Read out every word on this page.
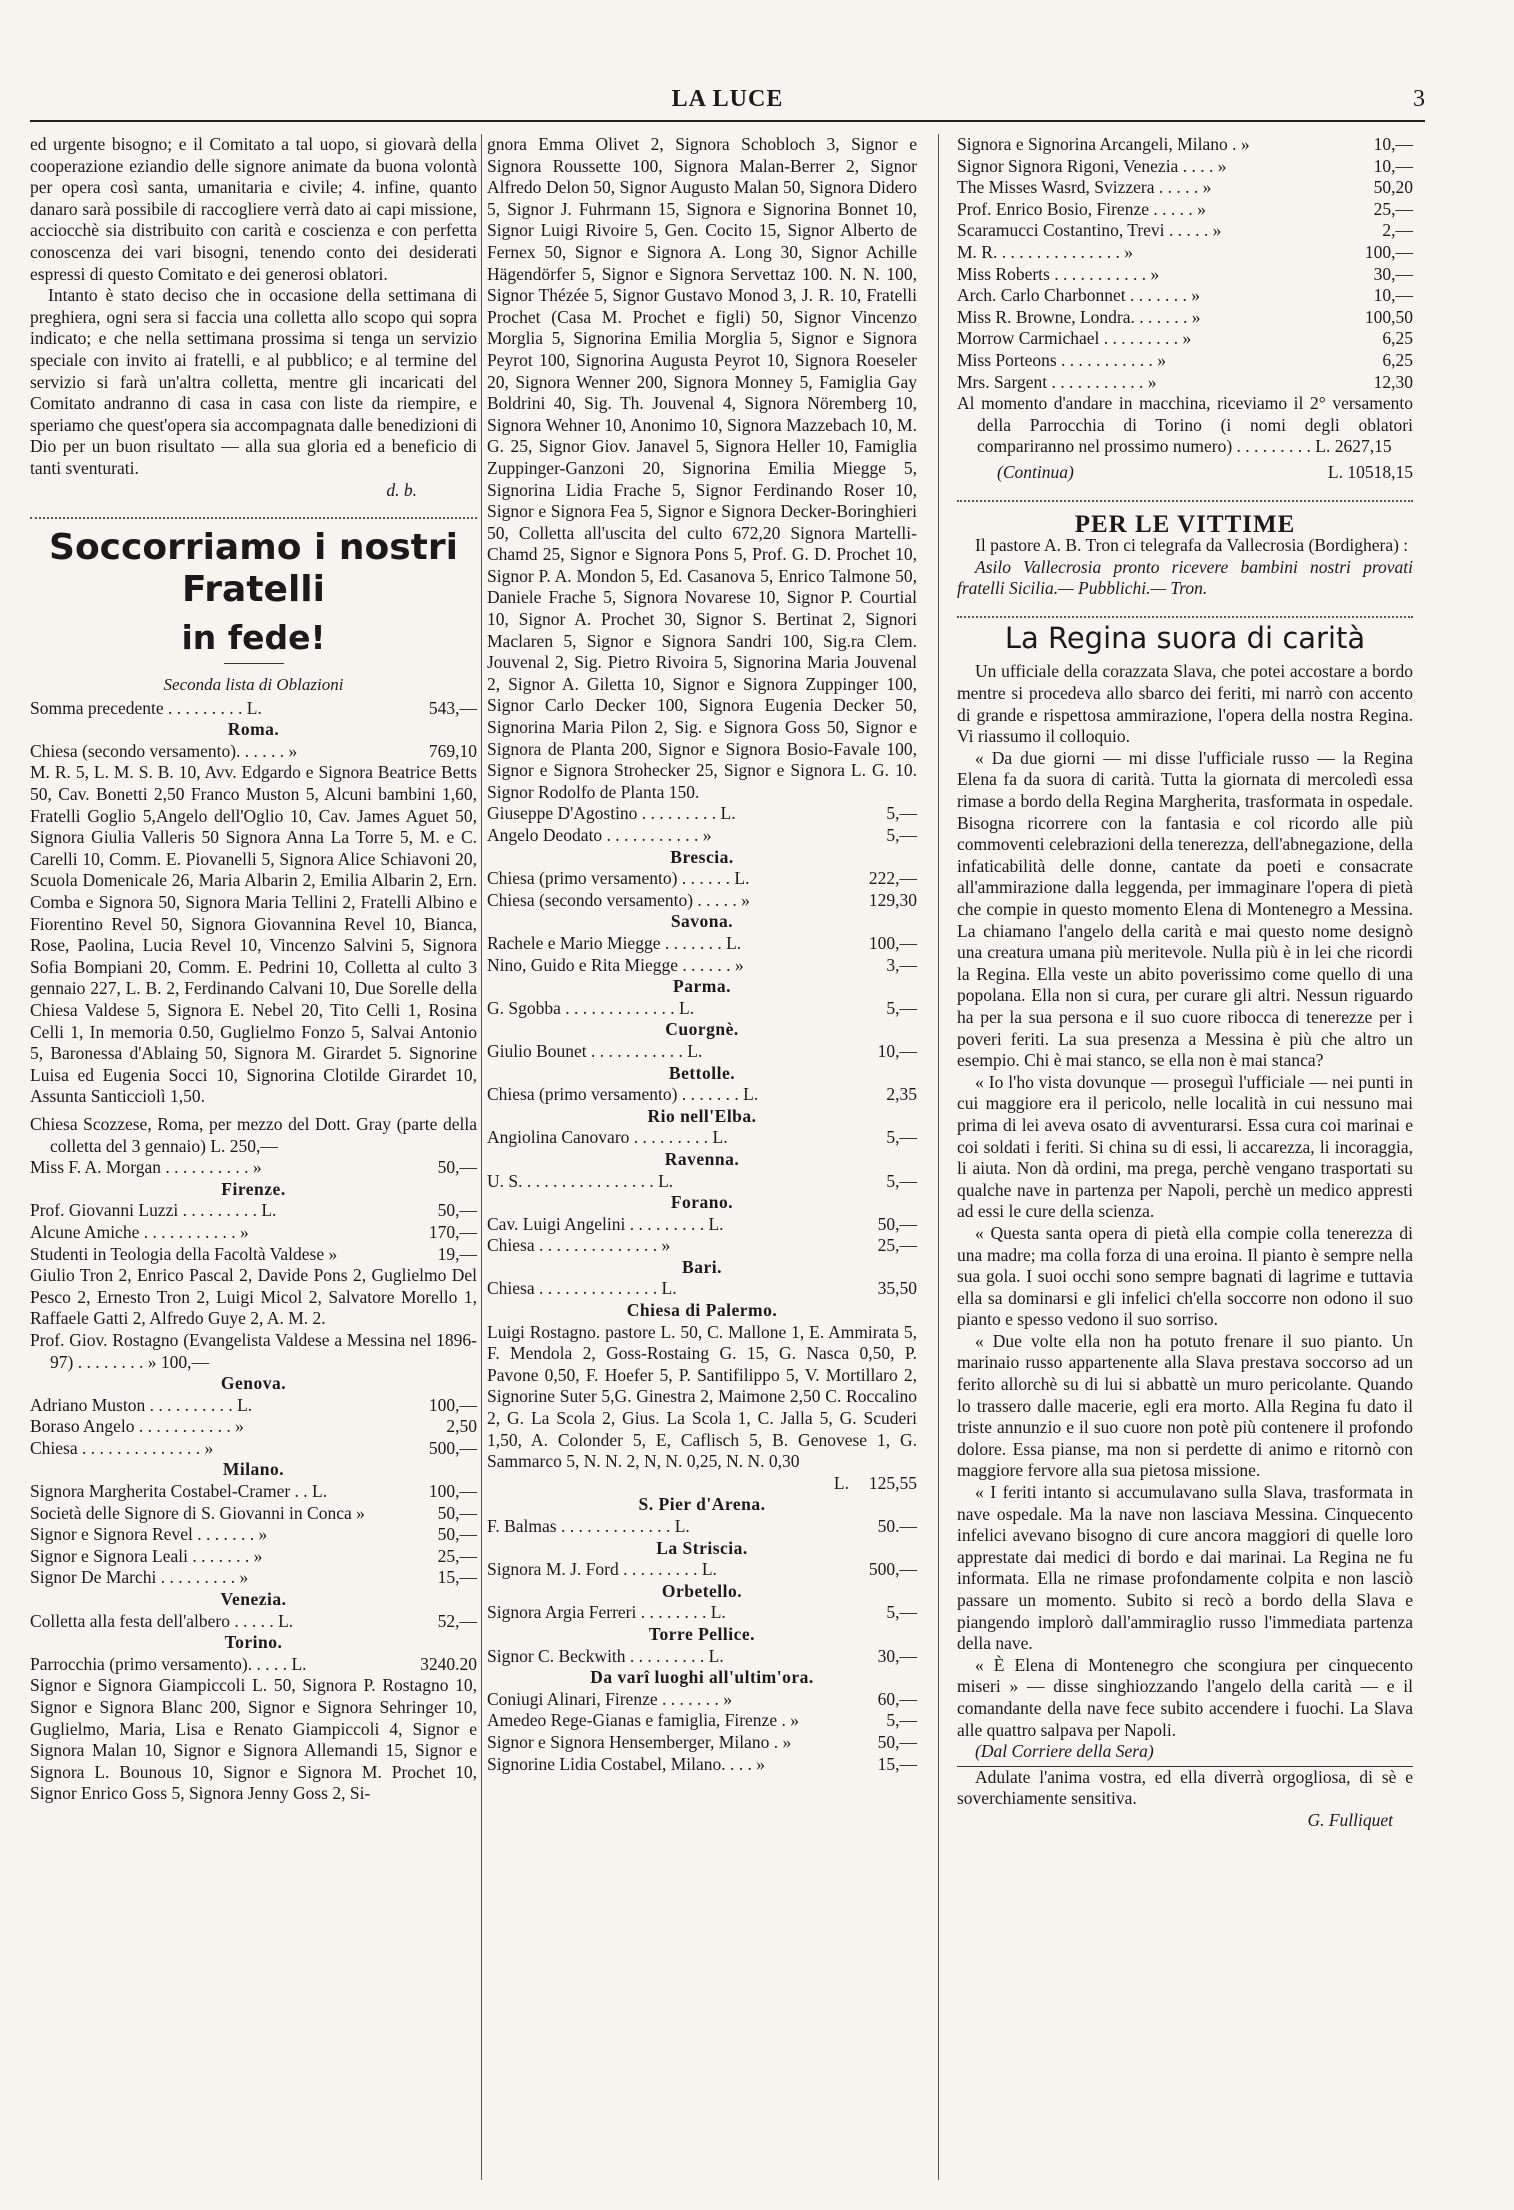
LA LUCE	3

ed urgente bisogno; e il Comitato a tal uopo, si giovarà della cooperazione eziandio delle signore animate da buona volontà per opera così santa, umanitaria e civile; 4. infine, quanto danaro sarà possibile di raccogliere verrà dato ai capi missione, acciocchè sia distribuito con carità e coscienza e con perfetta conoscenza dei vari bisogni, tenendo conto dei desiderati espressi di questo Comitato e dei generosi oblatori.

Intanto è stato deciso che in occasione della settimana di preghiera, ogni sera si faccia una colletta allo scopo qui sopra indicato; e che nella settimana prossima si tenga un servizio speciale con invito ai fratelli, e al pubblico; e al termine del servizio si farà un'altra colletta, mentre gli incaricati del Comitato andranno di casa in casa con liste da riempire, e speriamo che quest'opera sia accompagnata dalle benedizioni di Dio per un buon risultato — alla sua gloria ed a beneficio di tanti sventurati.

d. b.
Soccorriamo i nostri Fratelli
in fede!
Seconda lista di Oblazioni
Somma precedente . . . . . . . . . L.	543,—
Roma.
Chiesa (secondo versamento). . . . . . »	769,10

M. R. 5, L. M. S. B. 10, Avv. Edgardo e Signora Beatrice Betts 50, Cav. Bonetti 2,50 Franco Muston 5, Alcuni bambini 1,60, Fratelli Goglio 5,Angelo dell'Oglio 10, Cav. James Aguet 50, Signora Giulia Valleris 50 Signora Anna La Torre 5, M. e C. Carelli 10, Comm. E. Piovanelli 5, Signora Alice Schiavoni 20, Scuola Domenicale 26, Maria Albarin 2, Emilia Albarin 2, Ern. Comba e Signora 50, Signora Maria Tellini 2, Fratelli Albino e Fiorentino Revel 50, Signora Giovannina Revel 10, Bianca, Rose, Paolina, Lucia Revel 10, Vincenzo Salvini 5, Signora Sofia Bompiani 20, Comm. E. Pedrini 10, Colletta al culto 3 gennaio 227, L. B. 2, Ferdinando Calvani 10, Due Sorelle della Chiesa Valdese 5, Signora E. Nebel 20, Tito Celli 1, Rosina Celli 1, In memoria 0.50, Guglielmo Fonzo 5, Salvai Antonio 5, Baronessa d'Ablaing 50, Signora M. Girardet 5. Signorine Luisa ed Eugenia Socci 10, Signorina Clotilde Girardet 10, Assunta Santicciolì 1,50.

Chiesa Scozzese, Roma, per mezzo del Dott. Gray (parte della colletta del 3 gennaio) L. 250,—

Miss F. A. Morgan . . . . . . . . . . »	50,—
Firenze.
Prof. Giovanni Luzzi . . . . . . . . . L.	50,—
Alcune Amiche . . . . . . . . . . . »	170,—
Studenti in Teologia della Facoltà Valdese »	19,—

Giulio Tron 2, Enrico Pascal 2, Davide Pons 2, Guglielmo Del Pesco 2, Ernesto Tron 2, Luigi Micol 2, Salvatore Morello 1, Raffaele Gatti 2, Alfredo Guye 2, A. M. 2.

Prof. Giov. Rostagno (Evangelista Valdese a Messina nel 1896-97) . . . . . . . . » 100,—

Genova.
Adriano Muston . . . . . . . . . . L.	100,—
Boraso Angelo . . . . . . . . . . . »	2,50
Chiesa . . . . . . . . . . . . . . »	500,—
Milano.
Signora Margherita Costabel-Cramer . . L.	100,—
Società delle Signore di S. Giovanni in Conca »	50,—
Signor e Signora Revel . . . . . . . »	50,—
Signor e Signora Leali . . . . . . . »	25,—
Signor De Marchi . . . . . . . . . »	15,—
Venezia.
Colletta alla festa dell'albero . . . . . L.	52,—
Torino.
Parrocchia (primo versamento). . . . . L.	3240.20

Signor e Signora Giampiccoli L. 50, Signora P. Rostagno 10, Signor e Signora Blanc 200, Signor e Signora Sehringer 10, Guglielmo, Maria, Lisa e Renato Giampiccoli 4, Signor e Signora Malan 10, Signor e Signora Allemandi 15, Signor e Signora L. Bounous 10, Signor e Signora M. Prochet 10, Signor Enrico Goss 5, Signora Jenny Goss 2, Si-

gnora Emma Olivet 2, Signora Schobloch 3, Signor e Signora Roussette 100, Signora Malan-Berrer 2, Signor Alfredo Delon 50, Signor Augusto Malan 50, Signora Didero 5, Signor J. Fuhrmann 15, Signora e Signorina Bonnet 10, Signor Luigi Rivoire 5, Gen. Cocito 15, Signor Alberto de Fernex 50, Signor e Signora A. Long 30, Signor Achille Hägendörfer 5, Signor e Signora Servettaz 100. N. N. 100, Signor Thézée 5, Signor Gustavo Monod 3, J. R. 10, Fratelli Prochet (Casa M. Prochet e figli) 50, Signor Vincenzo Morglia 5, Signorina Emilia Morglia 5, Signor e Signora Peyrot 100, Signorina Augusta Peyrot 10, Signora Roeseler 20, Signora Wenner 200, Signora Monney 5, Famiglia Gay Boldrini 40, Sig. Th. Jouvenal 4, Signora Nöremberg 10, Signora Wehner 10, Anonimo 10, Signora Mazzebach 10, M. G. 25, Signor Giov. Janavel 5, Signora Heller 10, Famiglia Zuppinger-Ganzoni 20, Signorina Emilia Miegge 5, Signorina Lidia Frache 5, Signor Ferdinando Roser 10, Signor e Signora Fea 5, Signor e Signora Decker-Boringhieri 50, Colletta all'uscita del culto 672,20 Signora Martelli-Chamd 25, Signor e Signora Pons 5, Prof. G. D. Prochet 10, Signor P. A. Mondon 5, Ed. Casanova 5, Enrico Talmone 50, Daniele Frache 5, Signora Novarese 10, Signor P. Courtial 10, Signor A. Prochet 30, Signor S. Bertinat 2, Signori Maclaren 5, Signor e Signora Sandri 100, Sig.ra Clem. Jouvenal 2, Sig. Pietro Rivoira 5, Signorina Maria Jouvenal 2, Signor A. Giletta 10, Signor e Signora Zuppinger 100, Signor Carlo Decker 100, Signora Eugenia Decker 50, Signorina Maria Pilon 2, Sig. e Signora Goss 50, Signor e Signora de Planta 200, Signor e Signora Bosio-Favale 100, Signor e Signora Strohecker 25, Signor e Signora L. G. 10. Signor Rodolfo de Planta 150.

Giuseppe D'Agostino . . . . . . . . . L.	5,—
Angelo Deodato . . . . . . . . . . . »	5,—
Brescia.
Chiesa (primo versamento) . . . . . . L.	222,—
Chiesa (secondo versamento) . . . . . »	129,30
Savona.
Rachele e Mario Miegge . . . . . . . L.	100,—
Nino, Guido e Rita Miegge . . . . . . »	3,—
Parma.
G. Sgobba . . . . . . . . . . . . . L.	5,—
Cuorgnè.
Giulio Bounet . . . . . . . . . . . L.	10,—
Bettolle.
Chiesa (primo versamento) . . . . . . . L.	2,35
Rio nell'Elba.
Angiolina Canovaro . . . . . . . . . L.	5,—
Ravenna.
U. S. . . . . . . . . . . . . . . . L.	5,—
Forano.
Cav. Luigi Angelini . . . . . . . . . L.	50,—
Chiesa . . . . . . . . . . . . . . »	25,—
Bari.
Chiesa . . . . . . . . . . . . . . L.	35,50
Chiesa di Palermo.

Luigi Rostagno. pastore L. 50, C. Mallone 1, E. Ammirata 5, F. Mendola 2, Goss-Rostaing G. 15, G. Nasca 0,50, P. Pavone 0,50, F. Hoefer 5, P. Santifilippo 5, V. Mortillaro 2, Signorine Suter 5,G. Ginestra 2, Maimone 2,50 C. Roccalino 2, G. La Scola 2, Gius. La Scola 1, C. Jalla 5, G. Scuderi 1,50, A. Colonder 5, E, Caflisch 5, B. Genovese 1, G. Sammarco 5, N. N. 2, N, N. 0,25, N. N. 0,30

L.	125,55
S. Pier d'Arena.
F. Balmas . . . . . . . . . . . . . L.	50.—
La Striscia.
Signora M. J. Ford . . . . . . . . . L.	500,—
Orbetello.
Signora Argia Ferreri . . . . . . . . L.	5,—
Torre Pellice.
Signor C. Beckwith . . . . . . . . . L.	30,—
Da varî luoghi all'ultim'ora.
Coniugi Alinari, Firenze . . . . . . . »	60,—
Amedeo Rege-Gianas e famiglia, Firenze . »	5,—
Signor e Signora Hensemberger, Milano . »	50,—
Signorine Lidia Costabel, Milano. . . . »	15,—
Signora e Signorina Arcangeli, Milano . »	10,—
Signor Signora Rigoni, Venezia . . . . »	10,—
The Misses Wasrd, Svizzera . . . . . »	50,20
Prof. Enrico Bosio, Firenze . . . . . »	25,—
Scaramucci Costantino, Trevi . . . . . »	2,—
M. R. . . . . . . . . . . . . . . »	100,—
Miss Roberts . . . . . . . . . . . »	30,—
Arch. Carlo Charbonnet . . . . . . . »	10,—
Miss R. Browne, Londra. . . . . . . »	100,50
Morrow Carmichael . . . . . . . . . »	6,25
Miss Porteons . . . . . . . . . . . »	6,25
Mrs. Sargent . . . . . . . . . . . »	12,30

Al momento d'andare in macchina, riceviamo il 2° versamento della Parrocchia di Torino (i nomi degli oblatori compariranno nel prossimo numero) . . . . . . . . . L. 2627,15

(Continua)	L. 10518,15
PER LE VITTIME

Il pastore A. B. Tron ci telegrafa da Vallecrosia (Bordighera) :

Asilo Vallecrosia pronto ricevere bambini nostri provati fratelli Sicilia.— Pubblichi.— Tron.

La Regina suora di carità

Un ufficiale della corazzata Slava, che potei accostare a bordo mentre si procedeva allo sbarco dei feriti, mi narrò con accento di grande e rispettosa ammirazione, l'opera della nostra Regina. Vi riassumo il colloquio.

« Da due giorni — mi disse l'ufficiale russo — la Regina Elena fa da suora di carità. Tutta la giornata di mercoledì essa rimase a bordo della Regina Margherita, trasformata in ospedale. Bisogna ricorrere con la fantasia e col ricordo alle più commoventi celebrazioni della tenerezza, dell'abnegazione, della infaticabilità delle donne, cantate da poeti e consacrate all'ammirazione dalla leggenda, per immaginare l'opera di pietà che compie in questo momento Elena di Montenegro a Messina. La chiamano l'angelo della carità e mai questo nome designò una creatura umana più meritevole. Nulla più è in lei che ricordi la Regina. Ella veste un abito poverissimo come quello di una popolana. Ella non si cura, per curare gli altri. Nessun riguardo ha per la sua persona e il suo cuore ribocca di tenerezze per i poveri feriti. La sua presenza a Messina è più che altro un esempio. Chi è mai stanco, se ella non è mai stanca?

« Io l'ho vista dovunque — proseguì l'ufficiale — nei punti in cui maggiore era il pericolo, nelle località in cui nessuno mai prima di lei aveva osato di avventurarsi. Essa cura coi marinai e coi soldati i feriti. Si china su di essi, li accarezza, li incoraggia, li aiuta. Non dà ordini, ma prega, perchè vengano trasportati su qualche nave in partenza per Napoli, perchè un medico appresti ad essi le cure della scienza.

« Questa santa opera di pietà ella compie colla tenerezza di una madre; ma colla forza di una eroina. Il pianto è sempre nella sua gola. I suoi occhi sono sempre bagnati di lagrime e tuttavia ella sa dominarsi e gli infelici ch'ella soccorre non odono il suo pianto e spesso vedono il suo sorriso.

« Due volte ella non ha potuto frenare il suo pianto. Un marinaio russo appartenente alla Slava prestava soccorso ad un ferito allorchè su di lui si abbattè un muro pericolante. Quando lo trassero dalle macerie, egli era morto. Alla Regina fu dato il triste annunzio e il suo cuore non potè più contenere il profondo dolore. Essa pianse, ma non si perdette di animo e ritornò con maggiore fervore alla sua pietosa missione.

« I feriti intanto si accumulavano sulla Slava, trasformata in nave ospedale. Ma la nave non lasciava Messina. Cinquecento infelici avevano bisogno di cure ancora maggiori di quelle loro apprestate dai medici di bordo e dai marinai. La Regina ne fu informata. Ella ne rimase profondamente colpita e non lasciò passare un momento. Subito si recò a bordo della Slava e piangendo implorò dall'ammiraglio russo l'immediata partenza della nave.

« È Elena di Montenegro che scongiura per cinquecento miseri » — disse singhiozzando l'angelo della carità — e il comandante della nave fece subito accendere i fuochi. La Slava alle quattro salpava per Napoli.

(Dal Corriere della Sera)

Adulate l'anima vostra, ed ella diverrà orgogliosa, di sè e soverchiamente sensitiva.

G. Fulliquet
